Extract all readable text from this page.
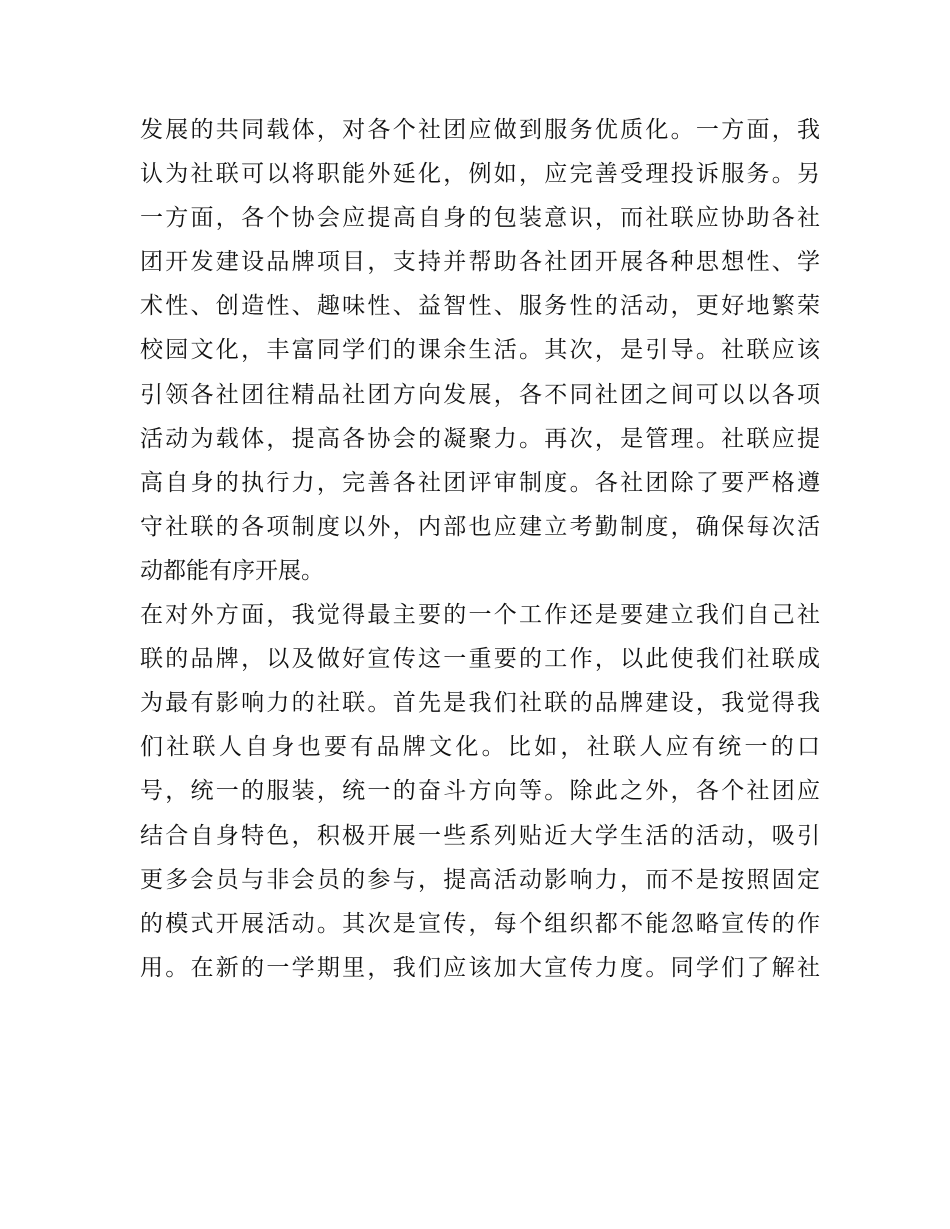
发展的共同载体，对各个社团应做到服务优质化。一方面，我
认为社联可以将职能外延化，例如，应完善受理投诉服务。另
一方面，各个协会应提高自身的包装意识，而社联应协助各社
团开发建设品牌项目，支持并帮助各社团开展各种思想性、学
术性、创造性、趣味性、益智性、服务性的活动，更好地繁荣
校园文化，丰富同学们的课余生活。其次，是引导。社联应该
引领各社团往精品社团方向发展，各不同社团之间可以以各项
活动为载体，提高各协会的凝聚力。再次，是管理。社联应提
高自身的执行力，完善各社团评审制度。各社团除了要严格遵
守社联的各项制度以外，内部也应建立考勤制度，确保每次活
动都能有序开展。
在对外方面，我觉得最主要的一个工作还是要建立我们自己社
联的品牌，以及做好宣传这一重要的工作，以此使我们社联成
为最有影响力的社联。首先是我们社联的品牌建设，我觉得我
们社联人自身也要有品牌文化。比如，社联人应有统一的口
号，统一的服装，统一的奋斗方向等。除此之外，各个社团应
结合自身特色，积极开展一些系列贴近大学生活的活动，吸引
更多会员与非会员的参与，提高活动影响力，而不是按照固定
的模式开展活动。其次是宣传，每个组织都不能忽略宣传的作
用。在新的一学期里，我们应该加大宣传力度。同学们了解社
